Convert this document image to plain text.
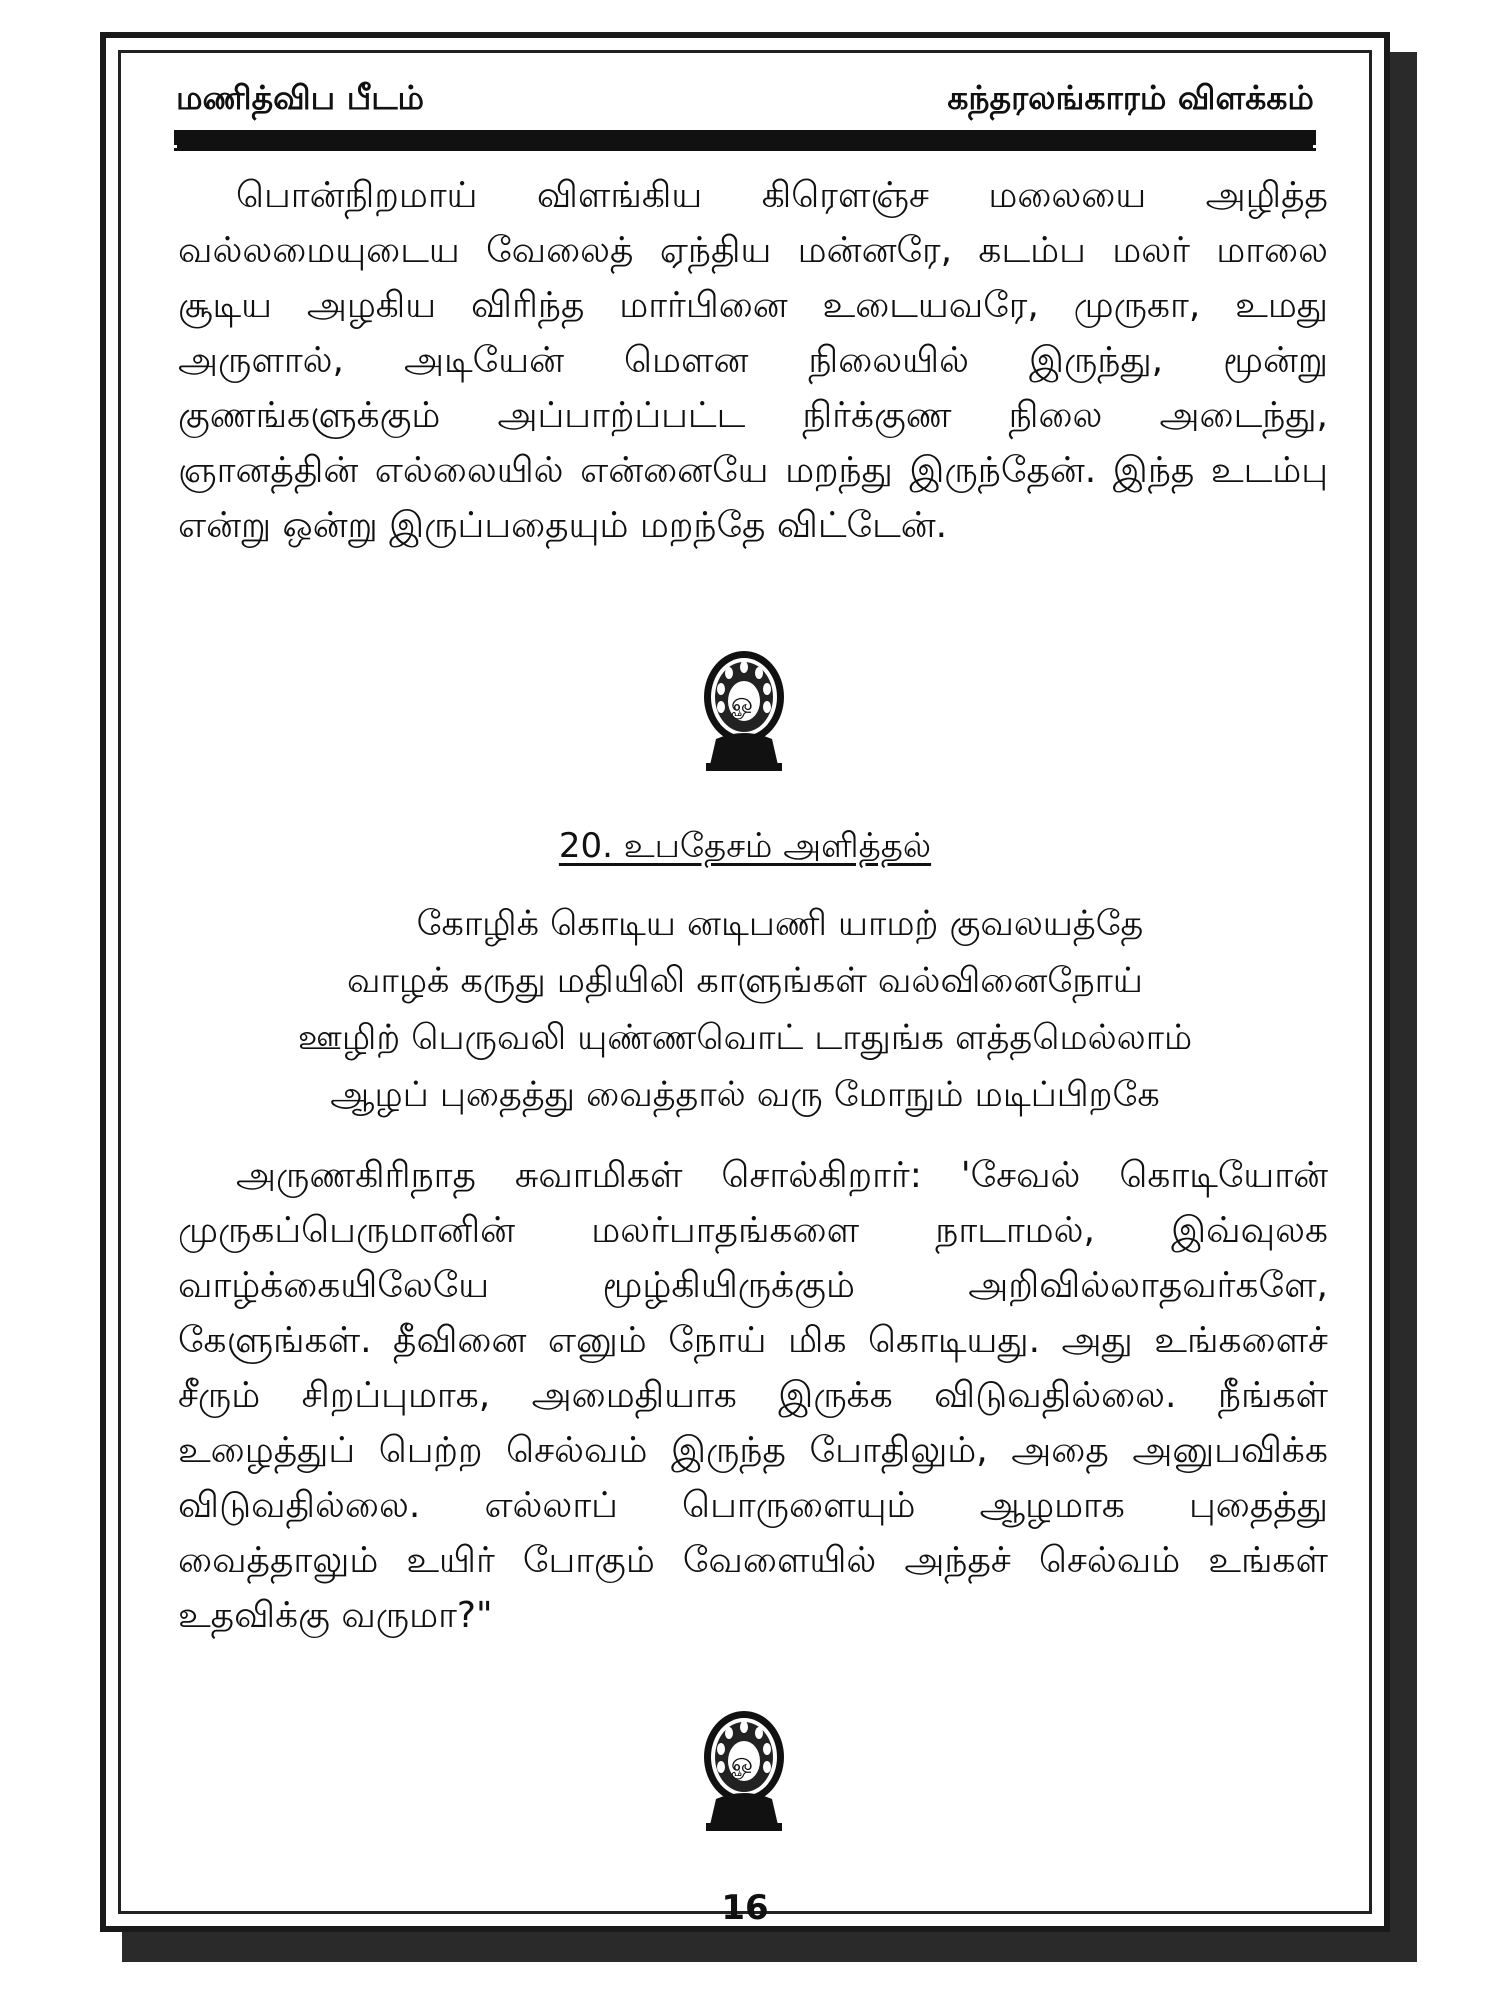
மணித்விப பீடம்	கந்தரலங்காரம் விளக்கம்

பொன்நிறமாய் விளங்கிய கிரௌஞ்ச மலையை அழித்த வல்லமையுடைய வேலைத் ஏந்திய மன்னரே, கடம்ப மலர் மாலை சூடிய அழகிய விரிந்த மார்பினை உடையவரே, முருகா, உமது அருளால், அடியேன் மௌன நிலையில் இருந்து, மூன்று குணங்களுக்கும் அப்பாற்ப்பட்ட நிர்க்குண நிலை அடைந்து, ஞானத்தின் எல்லையில் என்னையே மறந்து இருந்தேன். இந்த உடம்பு என்று ஒன்று இருப்பதையும் மறந்தே விட்டேன்.

ௐ
20. உபதேசம் அளித்தல்
கோழிக் கொடிய னடிபணி யாமற் குவலயத்தே
வாழக் கருது மதியிலி காளுங்கள் வல்வினைநோய்
ஊழிற் பெருவலி யுண்ணவொட் டாதுங்க ளத்தமெல்லாம்
ஆழப் புதைத்து வைத்தால் வரு மோநும் மடிப்பிறகே

அருணகிரிநாத சுவாமிகள் சொல்கிறார்: 'சேவல் கொடியோன் முருகப்பெருமானின் மலர்பாதங்களை நாடாமல், இவ்வுலக வாழ்க்கையிலேயே மூழ்கியிருக்கும் அறிவில்லாதவர்களே, கேளுங்கள். தீவினை எனும் நோய் மிக கொடியது. அது உங்களைச் சீரும் சிறப்புமாக, அமைதியாக இருக்க விடுவதில்லை. நீங்கள் உழைத்துப் பெற்ற செல்வம் இருந்த போதிலும், அதை அனுபவிக்க விடுவதில்லை. எல்லாப் பொருளையும் ஆழமாக புதைத்து வைத்தாலும் உயிர் போகும் வேளையில் அந்தச் செல்வம் உங்கள் உதவிக்கு வருமா?"

ௐ
16
